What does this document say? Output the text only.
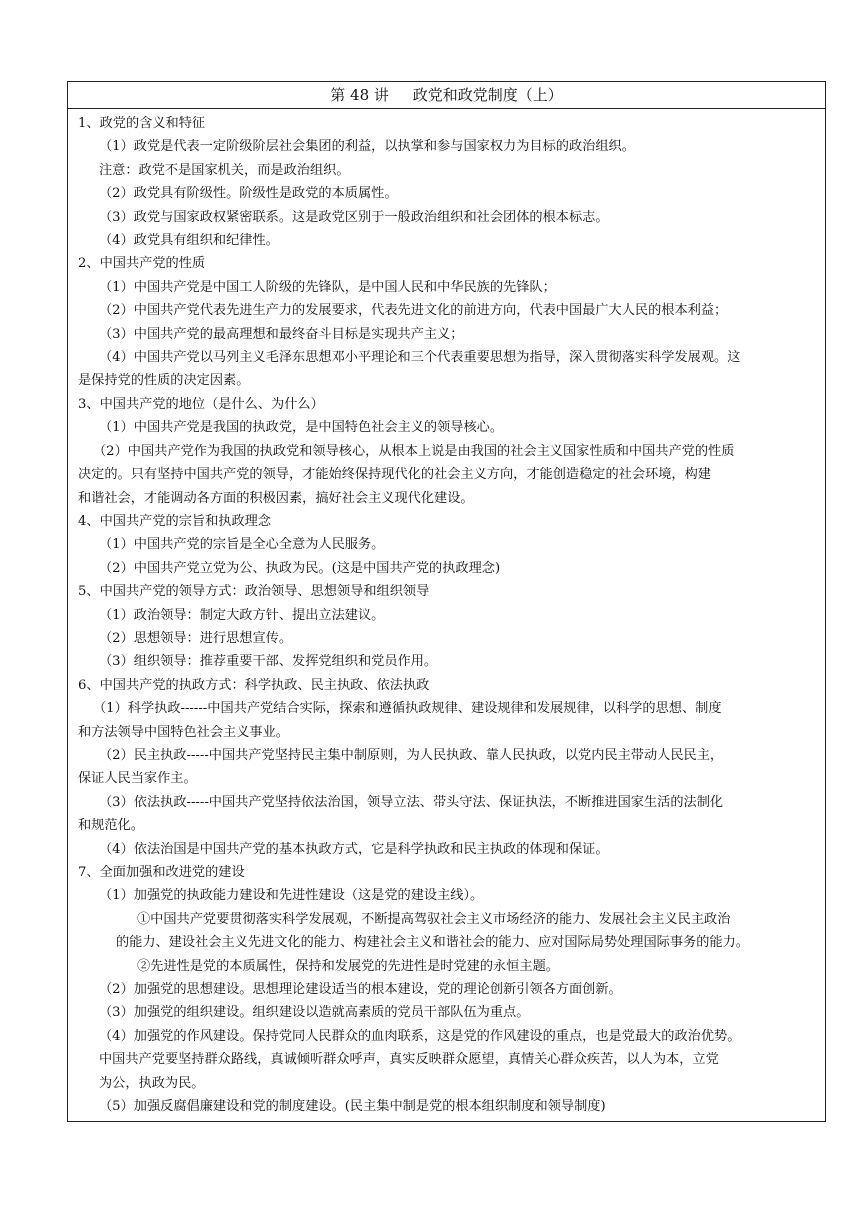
第 48 讲     政党和政党制度（上）

1、政党的含义和特征

（1）政党是代表一定阶级阶层社会集团的利益，以执掌和参与国家权力为目标的政治组织。

注意：政党不是国家机关，而是政治组织。

（2）政党具有阶级性。阶级性是政党的本质属性。

（3）政党与国家政权紧密联系。这是政党区别于一般政治组织和社会团体的根本标志。

（4）政党具有组织和纪律性。

2、中国共产党的性质

（1）中国共产党是中国工人阶级的先锋队，是中国人民和中华民族的先锋队；

（2）中国共产党代表先进生产力的发展要求，代表先进文化的前进方向，代表中国最广大人民的根本利益；

（3）中国共产党的最高理想和最终奋斗目标是实现共产主义；

（4）中国共产党以马列主义毛泽东思想邓小平理论和三个代表重要思想为指导，深入贯彻落实科学发展观。这

是保持党的性质的决定因素。

3、中国共产党的地位（是什么、为什么）

（1）中国共产党是我国的执政党，是中国特色社会主义的领导核心。

（2）中国共产党作为我国的执政党和领导核心，从根本上说是由我国的社会主义国家性质和中国共产党的性质

决定的。只有坚持中国共产党的领导，才能始终保持现代化的社会主义方向，才能创造稳定的社会环境，构建

和谐社会，才能调动各方面的积极因素，搞好社会主义现代化建设。

4、中国共产党的宗旨和执政理念

（1）中国共产党的宗旨是全心全意为人民服务。

（2）中国共产党立党为公、执政为民。(这是中国共产党的执政理念)

5、中国共产党的领导方式：政治领导、思想领导和组织领导

（1）政治领导：制定大政方针、提出立法建议。

（2）思想领导：进行思想宣传。

（3）组织领导：推荐重要干部、发挥党组织和党员作用。

6、中国共产党的执政方式：科学执政、民主执政、依法执政

（1）科学执政------中国共产党结合实际，探索和遵循执政规律、建设规律和发展规律，以科学的思想、制度

和方法领导中国特色社会主义事业。

（2）民主执政-----中国共产党坚持民主集中制原则，为人民执政、靠人民执政，以党内民主带动人民民主，

保证人民当家作主。

（3）依法执政-----中国共产党坚持依法治国，领导立法、带头守法、保证执法，不断推进国家生活的法制化

和规范化。

（4）依法治国是中国共产党的基本执政方式，它是科学执政和民主执政的体现和保证。

7、全面加强和改进党的建设

（1）加强党的执政能力建设和先进性建设（这是党的建设主线）。

①中国共产党要贯彻落实科学发展观，不断提高驾驭社会主义市场经济的能力、发展社会主义民主政治

的能力、建设社会主义先进文化的能力、构建社会主义和谐社会的能力、应对国际局势处理国际事务的能力。

②先进性是党的本质属性，保持和发展党的先进性是时党建的永恒主题。

（2）加强党的思想建设。思想理论建设适当的根本建设，党的理论创新引领各方面创新。

（3）加强党的组织建设。组织建设以造就高素质的党员干部队伍为重点。

（4）加强党的作风建设。保持党同人民群众的血肉联系，这是党的作风建设的重点，也是党最大的政治优势。

中国共产党要坚持群众路线，真诚倾听群众呼声，真实反映群众愿望，真情关心群众疾苦，以人为本，立党

为公，执政为民。

（5）加强反腐倡廉建设和党的制度建设。(民主集中制是党的根本组织制度和领导制度)
